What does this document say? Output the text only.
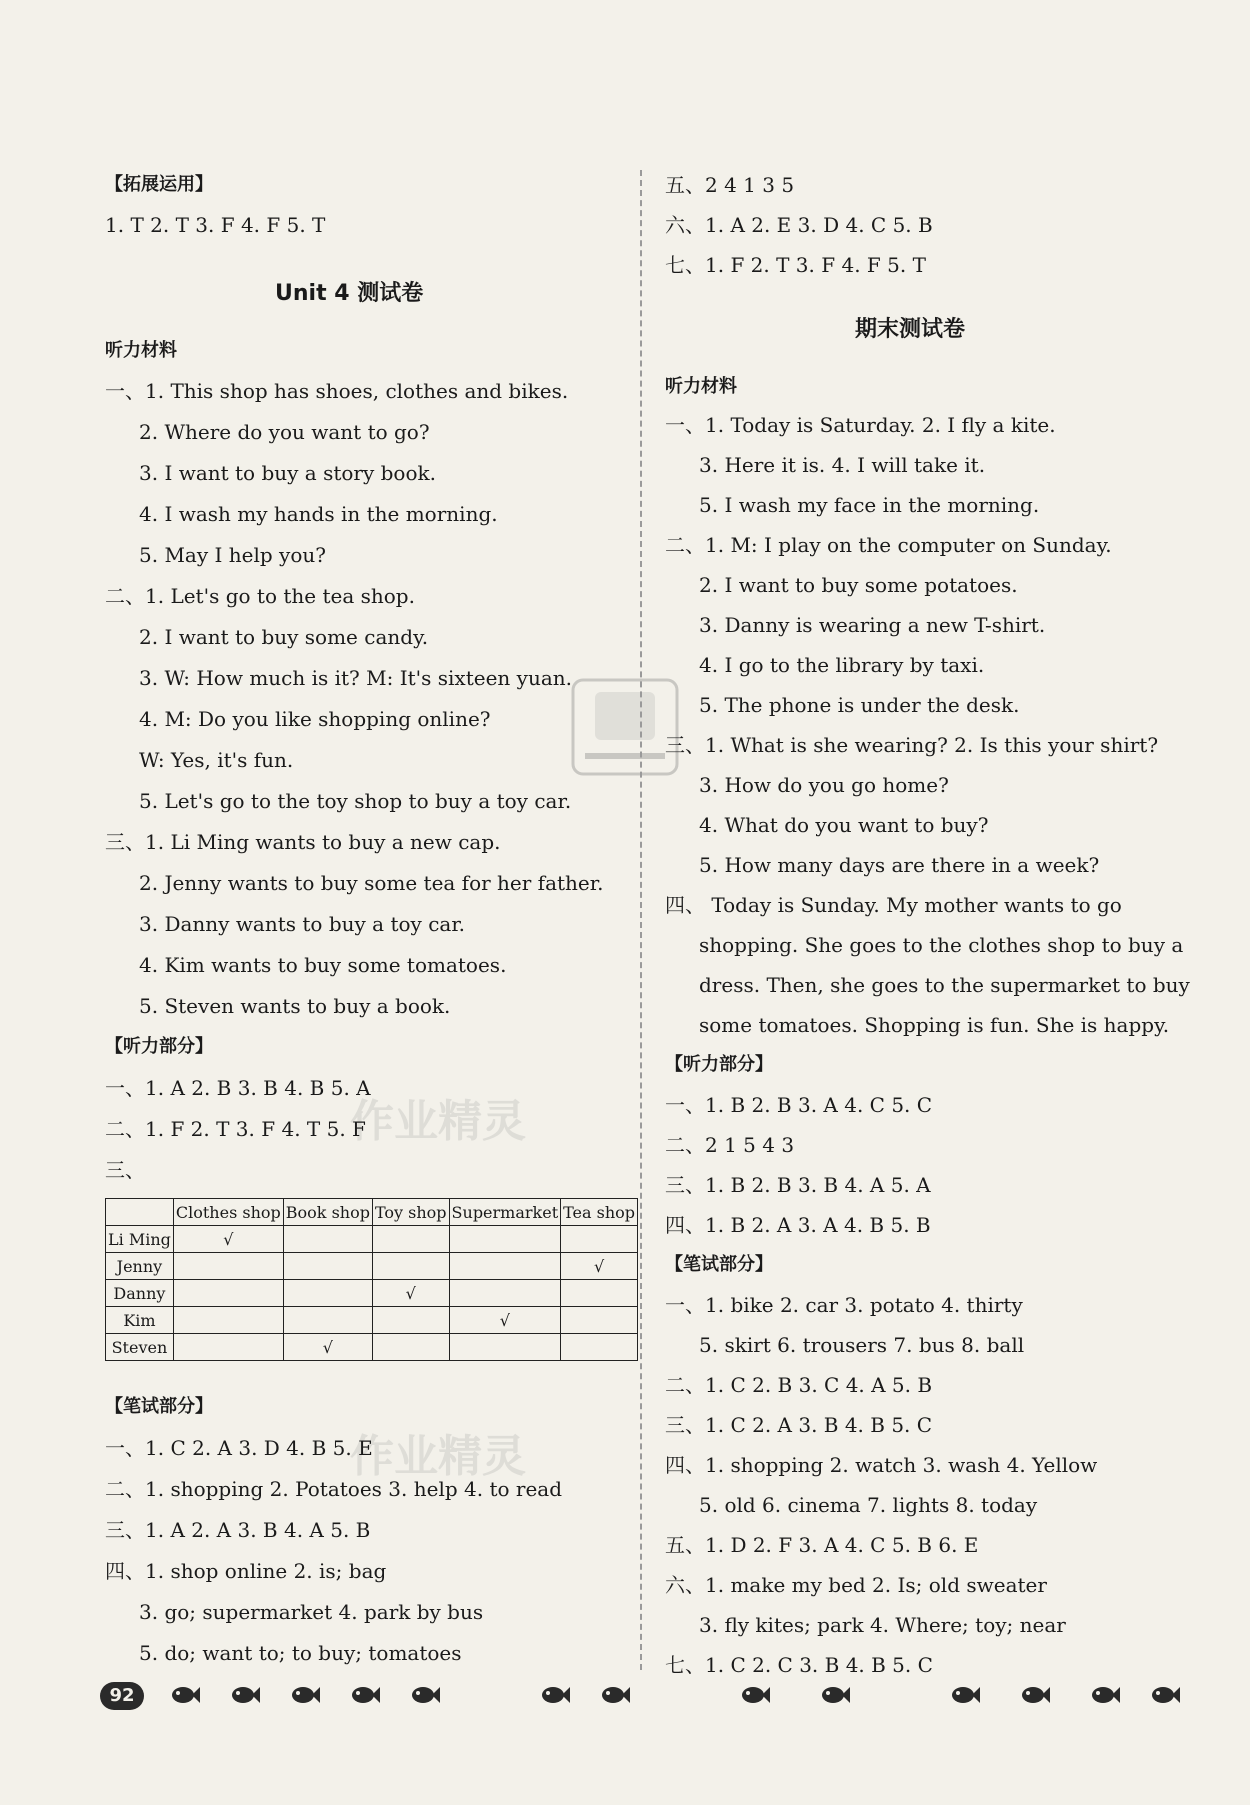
作业精灵
作业精灵
【拓展运用】
1. T 2. T 3. F 4. F 5. T
Unit 4 测试卷
听力材料
一、1. This shop has shoes, clothes and bikes.
2. Where do you want to go?
3. I want to buy a story book.
4. I wash my hands in the morning.
5. May I help you?
二、1. Let's go to the tea shop.
2. I want to buy some candy.
3. W: How much is it? M: It's sixteen yuan.
4. M: Do you like shopping online?
W: Yes, it's fun.
5. Let's go to the toy shop to buy a toy car.
三、1. Li Ming wants to buy a new cap.
2. Jenny wants to buy some tea for her father.
3. Danny wants to buy a toy car.
4. Kim wants to buy some tomatoes.
5. Steven wants to buy a book.
【听力部分】
一、1. A 2. B 3. B 4. B 5. A
二、1. F 2. T 3. F 4. T 5. F
三、
【笔试部分】
一、1. C 2. A 3. D 4. B 5. E
二、1. shopping 2. Potatoes 3. help 4. to read
三、1. A 2. A 3. B 4. A 5. B
四、1. shop online 2. is; bag
3. go; supermarket 4. park by bus
5. do; want to; to buy; tomatoes
	Clothes shop	Book shop	Toy shop	Supermarket	Tea shop
Li Ming	√				
Jenny					√
Danny			√		
Kim				√	
Steven		√			
五、2 4 1 3 5
六、1. A 2. E 3. D 4. C 5. B
七、1. F 2. T 3. F 4. F 5. T
期末测试卷
听力材料
一、1. Today is Saturday. 2. I fly a kite.
3. Here it is. 4. I will take it.
5. I wash my face in the morning.
二、1. M: I play on the computer on Sunday.
2. I want to buy some potatoes.
3. Danny is wearing a new T-shirt.
4. I go to the library by taxi.
5. The phone is under the desk.
三、1. What is she wearing? 2. Is this your shirt?
3. How do you go home?
4. What do you want to buy?
5. How many days are there in a week?
四、 Today is Sunday. My mother wants to go
shopping. She goes to the clothes shop to buy a
dress. Then, she goes to the supermarket to buy
some tomatoes. Shopping is fun. She is happy.
【听力部分】
一、1. B 2. B 3. A 4. C 5. C
二、2 1 5 4 3
三、1. B 2. B 3. B 4. A 5. A
四、1. B 2. A 3. A 4. B 5. B
【笔试部分】
一、1. bike 2. car 3. potato 4. thirty
5. skirt 6. trousers 7. bus 8. ball
二、1. C 2. B 3. C 4. A 5. B
三、1. C 2. A 3. B 4. B 5. C
四、1. shopping 2. watch 3. wash 4. Yellow
5. old 6. cinema 7. lights 8. today
五、1. D 2. F 3. A 4. C 5. B 6. E
六、1. make my bed 2. Is; old sweater
3. fly kites; park 4. Where; toy; near
七、1. C 2. C 3. B 4. B 5. C
92
